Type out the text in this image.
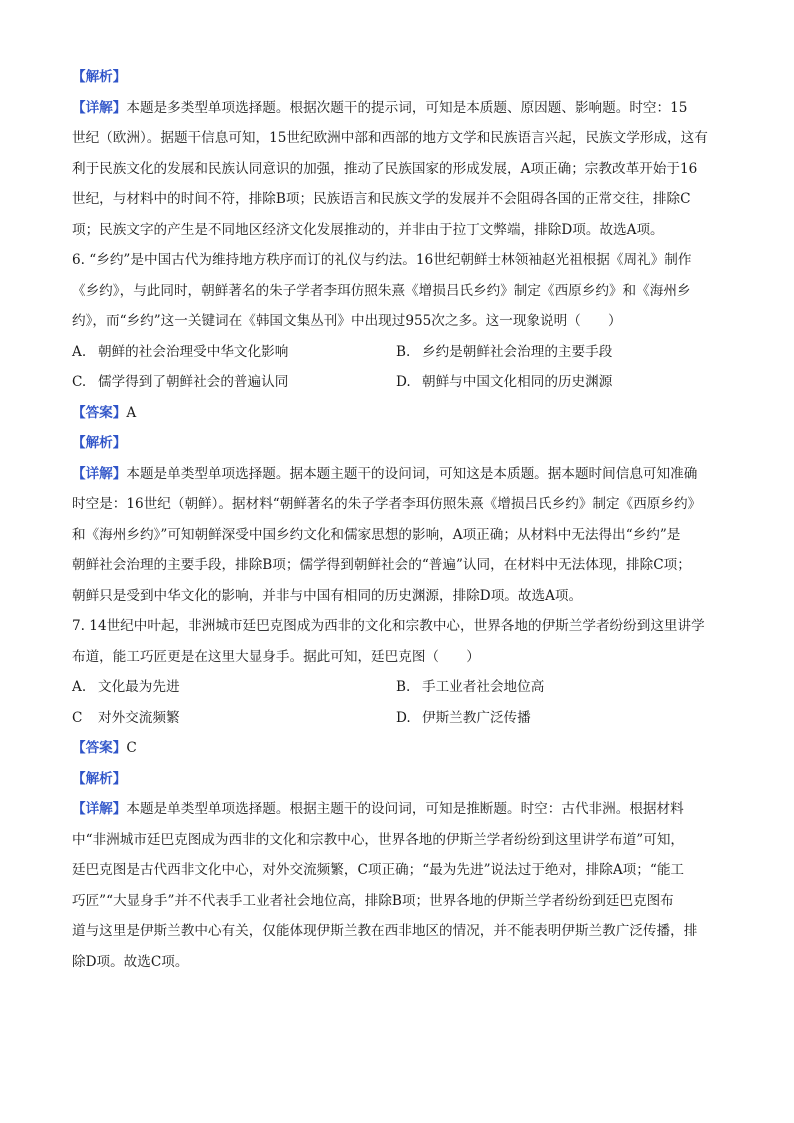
【解析】
【详解】本题是多类型单项选择题。根据次题干的提示词，可知是本质题、原因题、影响题。时空：15
世纪（欧洲）。据题干信息可知，15世纪欧洲中部和西部的地方文学和民族语言兴起，民族文学形成，这有
利于民族文化的发展和民族认同意识的加强，推动了民族国家的形成发展，A项正确；宗教改革开始于16
世纪，与材料中的时间不符，排除B项；民族语言和民族文学的发展并不会阻碍各国的正常交往，排除C
项；民族文字的产生是不同地区经济文化发展推动的，并非由于拉丁文弊端，排除D项。故选A项。
6. “乡约”是中国古代为维持地方秩序而订的礼仪与约法。16世纪朝鲜士林领袖赵光祖根据《周礼》制作
《乡约》，与此同时，朝鲜著名的朱子学者李珥仿照朱熹《增损吕氏乡约》制定《西原乡约》和《海州乡
约》，而“乡约”这一关键词在《韩国文集丛刊》中出现过955次之多。这一现象说明（　　）
A. 朝鲜的社会治理受中华文化影响	B. 乡约是朝鲜社会治理的主要手段
C. 儒学得到了朝鲜社会的普遍认同	D. 朝鲜与中国文化相同的历史渊源
【答案】A
【解析】
【详解】本题是单类型单项选择题。据本题主题干的设问词，可知这是本质题。据本题时间信息可知准确
时空是：16世纪（朝鲜）。据材料“朝鲜著名的朱子学者李珥仿照朱熹《增损吕氏乡约》制定《西原乡约》
和《海州乡约》”可知朝鲜深受中国乡约文化和儒家思想的影响，A项正确；从材料中无法得出“乡约”是
朝鲜社会治理的主要手段，排除B项；儒学得到朝鲜社会的“普遍”认同，在材料中无法体现，排除C项；
朝鲜只是受到中华文化的影响，并非与中国有相同的历史渊源，排除D项。故选A项。
7. 14世纪中叶起，非洲城市廷巴克图成为西非的文化和宗教中心，世界各地的伊斯兰学者纷纷到这里讲学
布道，能工巧匠更是在这里大显身手。据此可知，廷巴克图（　　）
A. 文化最为先进	B. 手工业者社会地位高
C 对外交流频繁	D. 伊斯兰教广泛传播
【答案】C
【解析】
【详解】本题是单类型单项选择题。根据主题干的设问词，可知是推断题。时空：古代非洲。根据材料
中“非洲城市廷巴克图成为西非的文化和宗教中心，世界各地的伊斯兰学者纷纷到这里讲学布道”可知，
廷巴克图是古代西非文化中心，对外交流频繁，C项正确；“最为先进”说法过于绝对，排除A项；“能工
巧匠”“大显身手”并不代表手工业者社会地位高，排除B项；世界各地的伊斯兰学者纷纷到廷巴克图布
道与这里是伊斯兰教中心有关，仅能体现伊斯兰教在西非地区的情况，并不能表明伊斯兰教广泛传播，排
除D项。故选C项。
